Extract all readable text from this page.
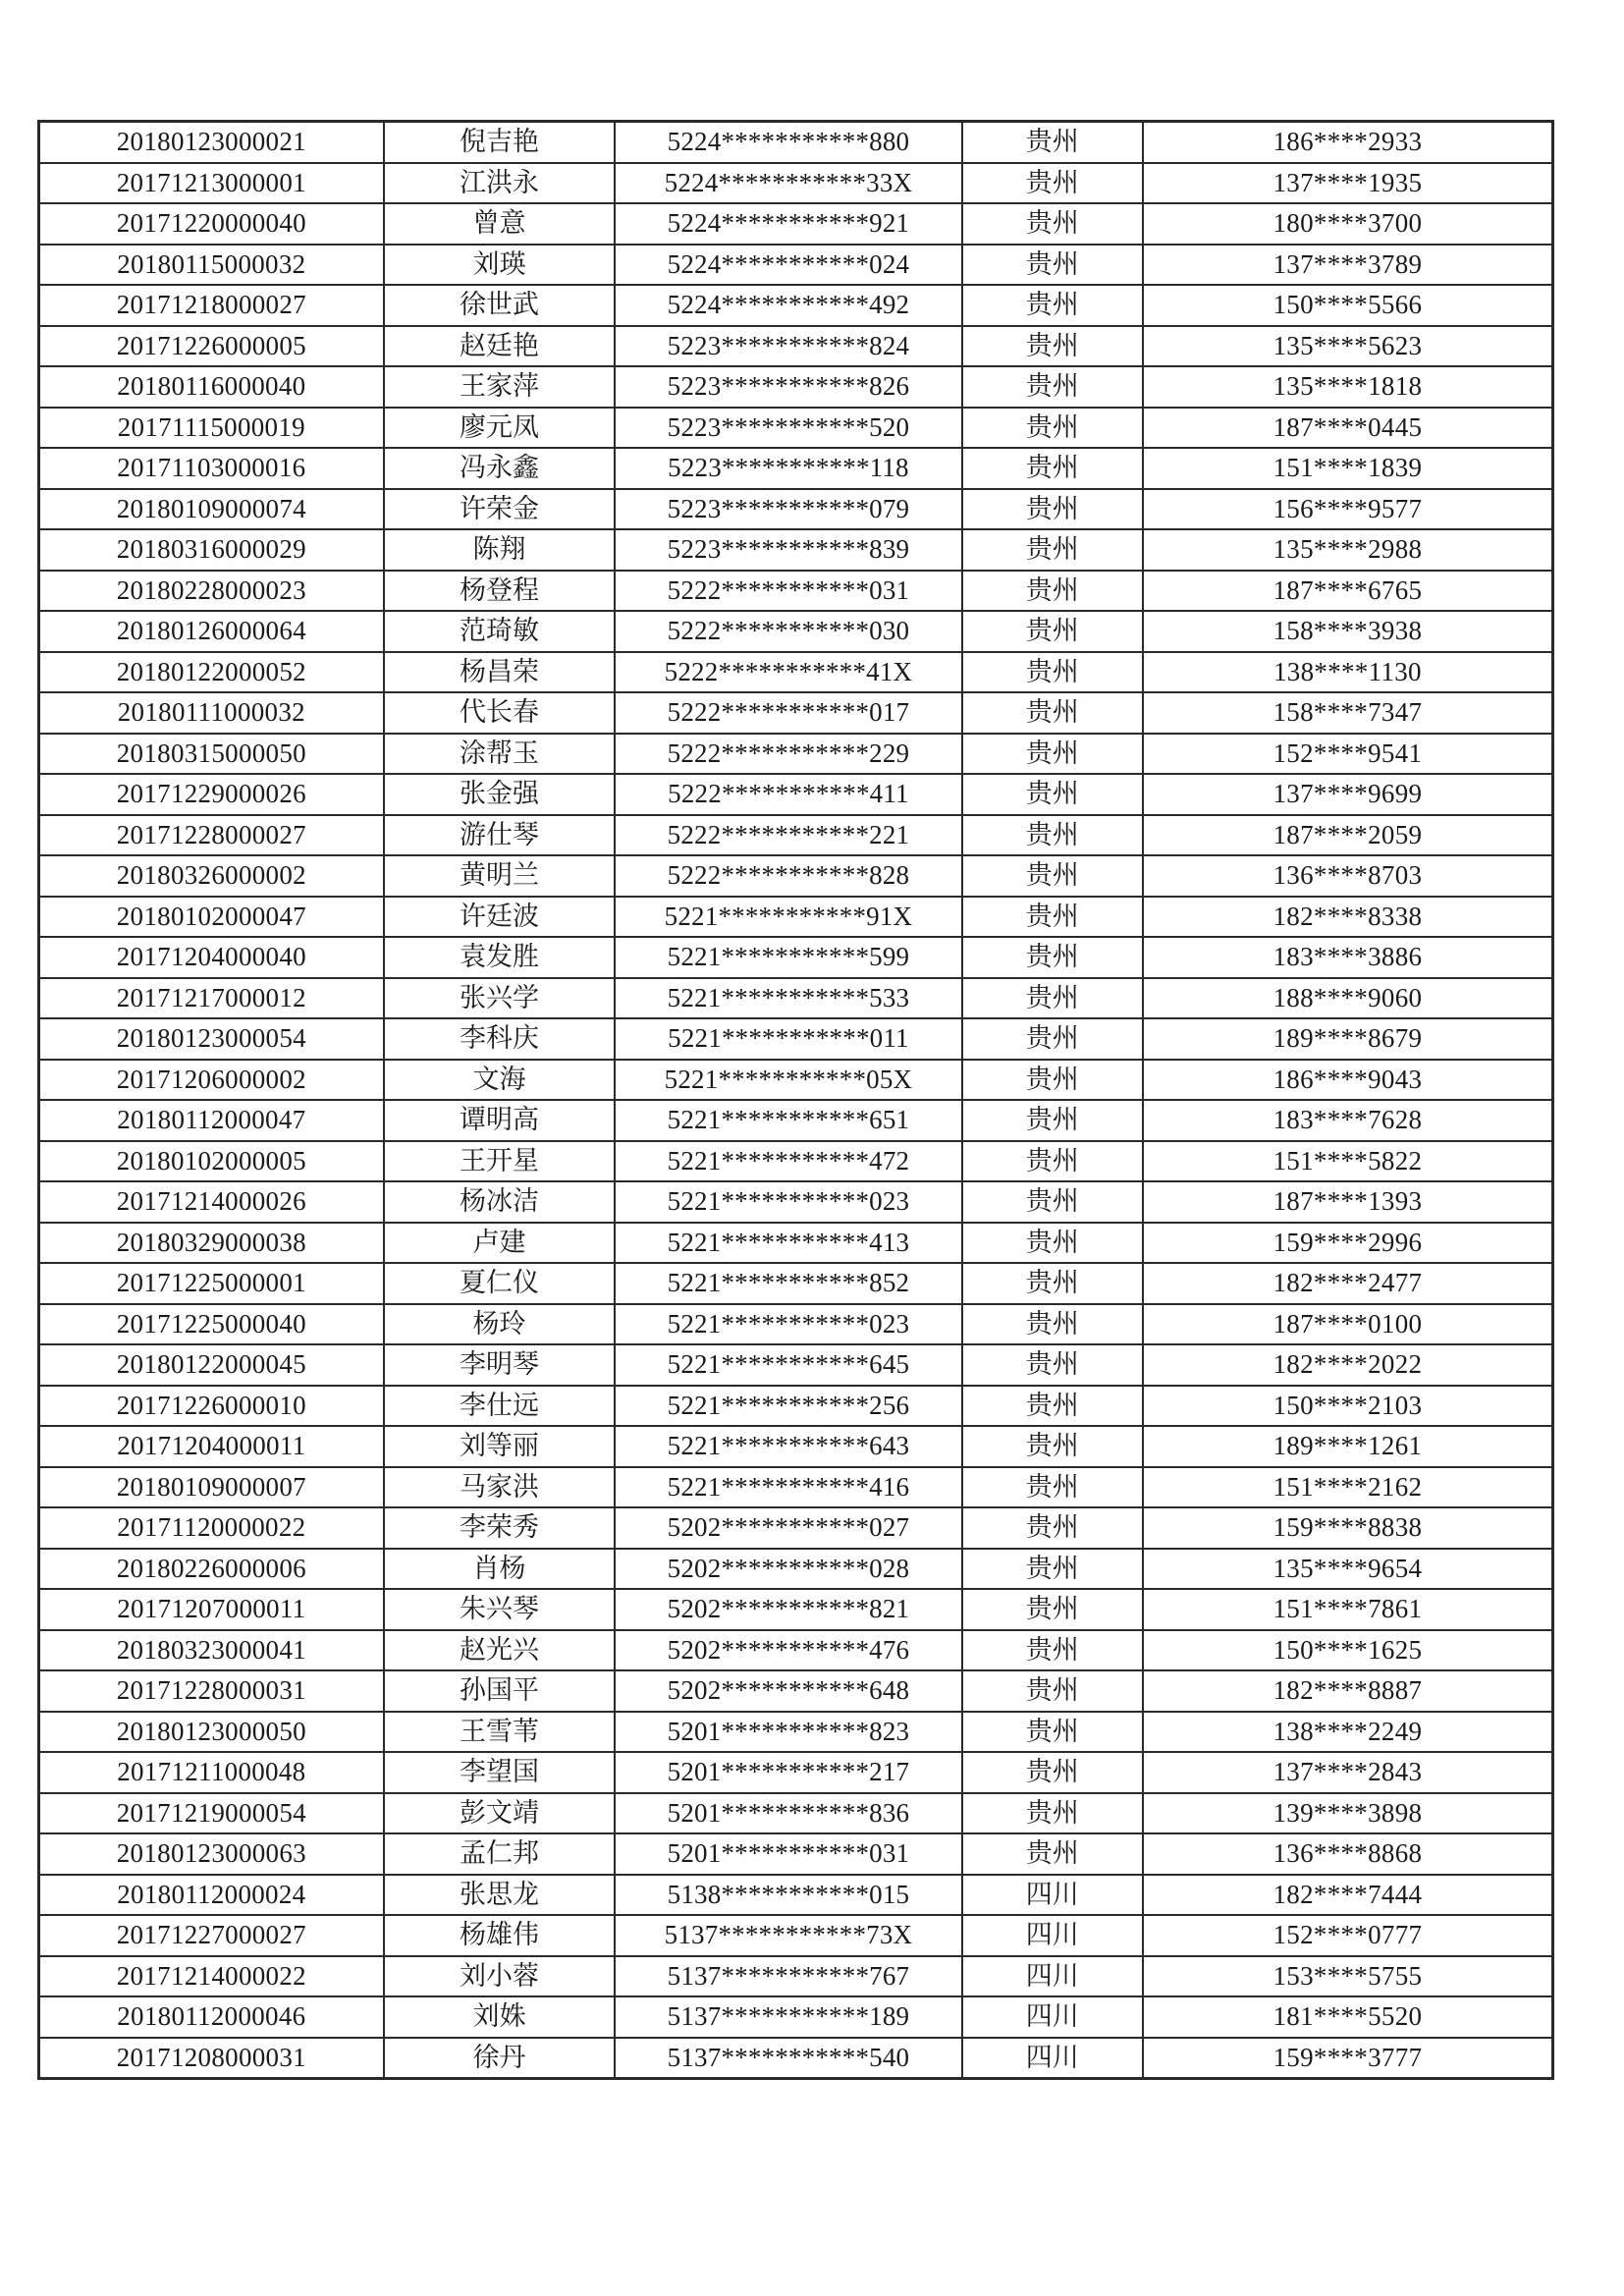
20180123000021	倪吉艳	5224***********880	贵州	186****2933
20171213000001	江洪永	5224***********33X	贵州	137****1935
20171220000040	曾意	5224***********921	贵州	180****3700
20180115000032	刘瑛	5224***********024	贵州	137****3789
20171218000027	徐世武	5224***********492	贵州	150****5566
20171226000005	赵廷艳	5223***********824	贵州	135****5623
20180116000040	王家萍	5223***********826	贵州	135****1818
20171115000019	廖元凤	5223***********520	贵州	187****0445
20171103000016	冯永鑫	5223***********118	贵州	151****1839
20180109000074	许荣金	5223***********079	贵州	156****9577
20180316000029	陈翔	5223***********839	贵州	135****2988
20180228000023	杨登程	5222***********031	贵州	187****6765
20180126000064	范琦敏	5222***********030	贵州	158****3938
20180122000052	杨昌荣	5222***********41X	贵州	138****1130
20180111000032	代长春	5222***********017	贵州	158****7347
20180315000050	涂帮玉	5222***********229	贵州	152****9541
20171229000026	张金强	5222***********411	贵州	137****9699
20171228000027	游仕琴	5222***********221	贵州	187****2059
20180326000002	黄明兰	5222***********828	贵州	136****8703
20180102000047	许廷波	5221***********91X	贵州	182****8338
20171204000040	袁发胜	5221***********599	贵州	183****3886
20171217000012	张兴学	5221***********533	贵州	188****9060
20180123000054	李科庆	5221***********011	贵州	189****8679
20171206000002	文海	5221***********05X	贵州	186****9043
20180112000047	谭明高	5221***********651	贵州	183****7628
20180102000005	王开星	5221***********472	贵州	151****5822
20171214000026	杨冰洁	5221***********023	贵州	187****1393
20180329000038	卢建	5221***********413	贵州	159****2996
20171225000001	夏仁仪	5221***********852	贵州	182****2477
20171225000040	杨玲	5221***********023	贵州	187****0100
20180122000045	李明琴	5221***********645	贵州	182****2022
20171226000010	李仕远	5221***********256	贵州	150****2103
20171204000011	刘等丽	5221***********643	贵州	189****1261
20180109000007	马家洪	5221***********416	贵州	151****2162
20171120000022	李荣秀	5202***********027	贵州	159****8838
20180226000006	肖杨	5202***********028	贵州	135****9654
20171207000011	朱兴琴	5202***********821	贵州	151****7861
20180323000041	赵光兴	5202***********476	贵州	150****1625
20171228000031	孙国平	5202***********648	贵州	182****8887
20180123000050	王雪苇	5201***********823	贵州	138****2249
20171211000048	李望国	5201***********217	贵州	137****2843
20171219000054	彭文靖	5201***********836	贵州	139****3898
20180123000063	孟仁邦	5201***********031	贵州	136****8868
20180112000024	张思龙	5138***********015	四川	182****7444
20171227000027	杨雄伟	5137***********73X	四川	152****0777
20171214000022	刘小蓉	5137***********767	四川	153****5755
20180112000046	刘姝	5137***********189	四川	181****5520
20171208000031	徐丹	5137***********540	四川	159****3777
